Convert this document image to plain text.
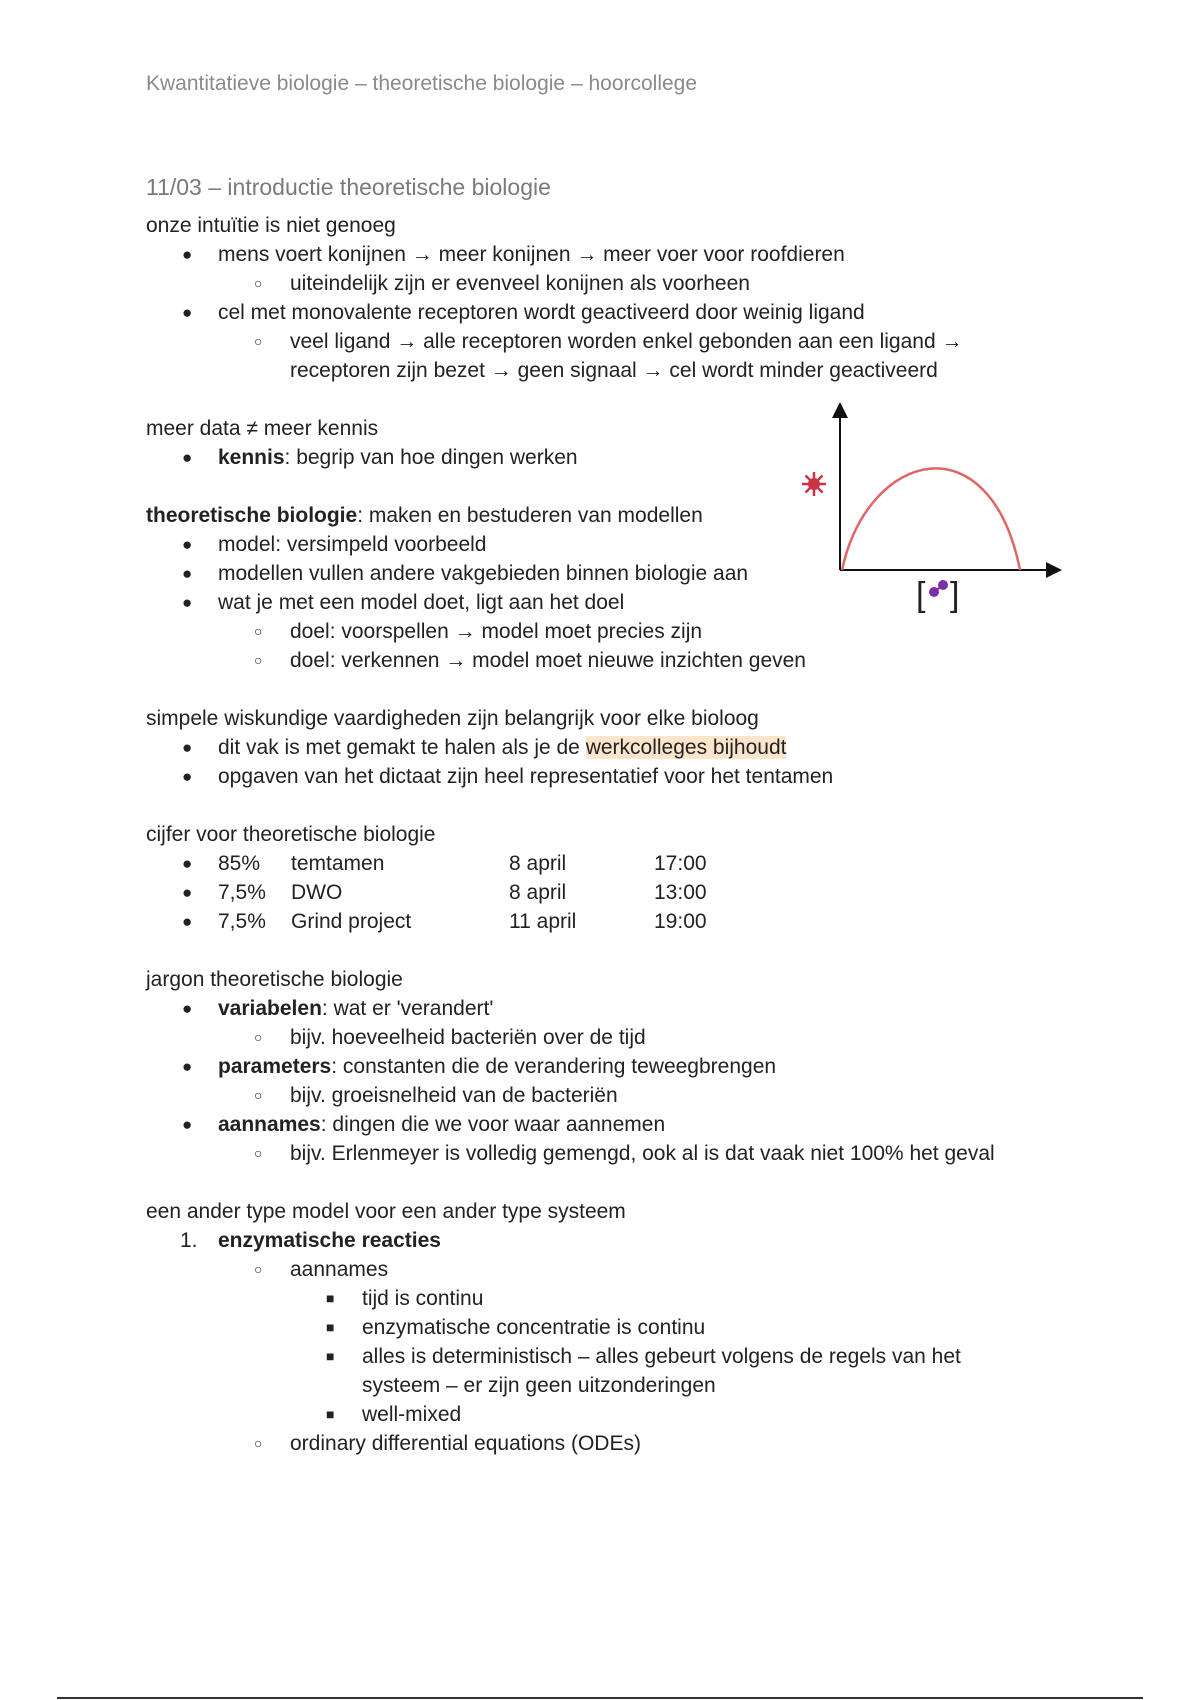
Kwantitatieve biologie – theoretische biologie – hoorcollege
11/03 – introductie theoretische biologie
onze intuïtie is niet genoeg
● mens voert konijnen → meer konijnen → meer voer voor roofdieren
○ uiteindelijk zijn er evenveel konijnen als voorheen
● cel met monovalente receptoren wordt geactiveerd door weinig ligand
○ veel ligand → alle receptoren worden enkel gebonden aan een ligand →
receptoren zijn bezet → geen signaal → cel wordt minder geactiveerd
meer data ≠ meer kennis
● kennis: begrip van hoe dingen werken
theoretische biologie: maken en bestuderen van modellen
● model: versimpeld voorbeeld
● modellen vullen andere vakgebieden binnen biologie aan
● wat je met een model doet, ligt aan het doel
○ doel: voorspellen → model moet precies zijn
○ doel: verkennen → model moet nieuwe inzichten geven
simpele wiskundige vaardigheden zijn belangrijk voor elke bioloog
● dit vak is met gemakt te halen als je de werkcolleges bijhoudt
● opgaven van het dictaat zijn heel representatief voor het tentamen
cijfer voor theoretische biologie
● 85% temtamen	8 april	17:00
● 7,5% DWO	8 april	13:00
● 7,5% Grind project	11 april	19:00
jargon theoretische biologie
● variabelen: wat er 'verandert'
○ bijv. hoeveelheid bacteriën over de tijd
● parameters: constanten die de verandering teweegbrengen
○ bijv. groeisnelheid van de bacteriën
● aannames: dingen die we voor waar aannemen
○ bijv. Erlenmeyer is volledig gemengd, ook al is dat vaak niet 100% het geval
een ander type model voor een ander type systeem
1. enzymatische reacties
○ aannames
■ tijd is continu
■ enzymatische concentratie is continu
■ alles is deterministisch – alles gebeurt volgens de regels van het
systeem – er zijn geen uitzonderingen
■ well-mixed
○ ordinary differential equations (ODEs)
[ ]
